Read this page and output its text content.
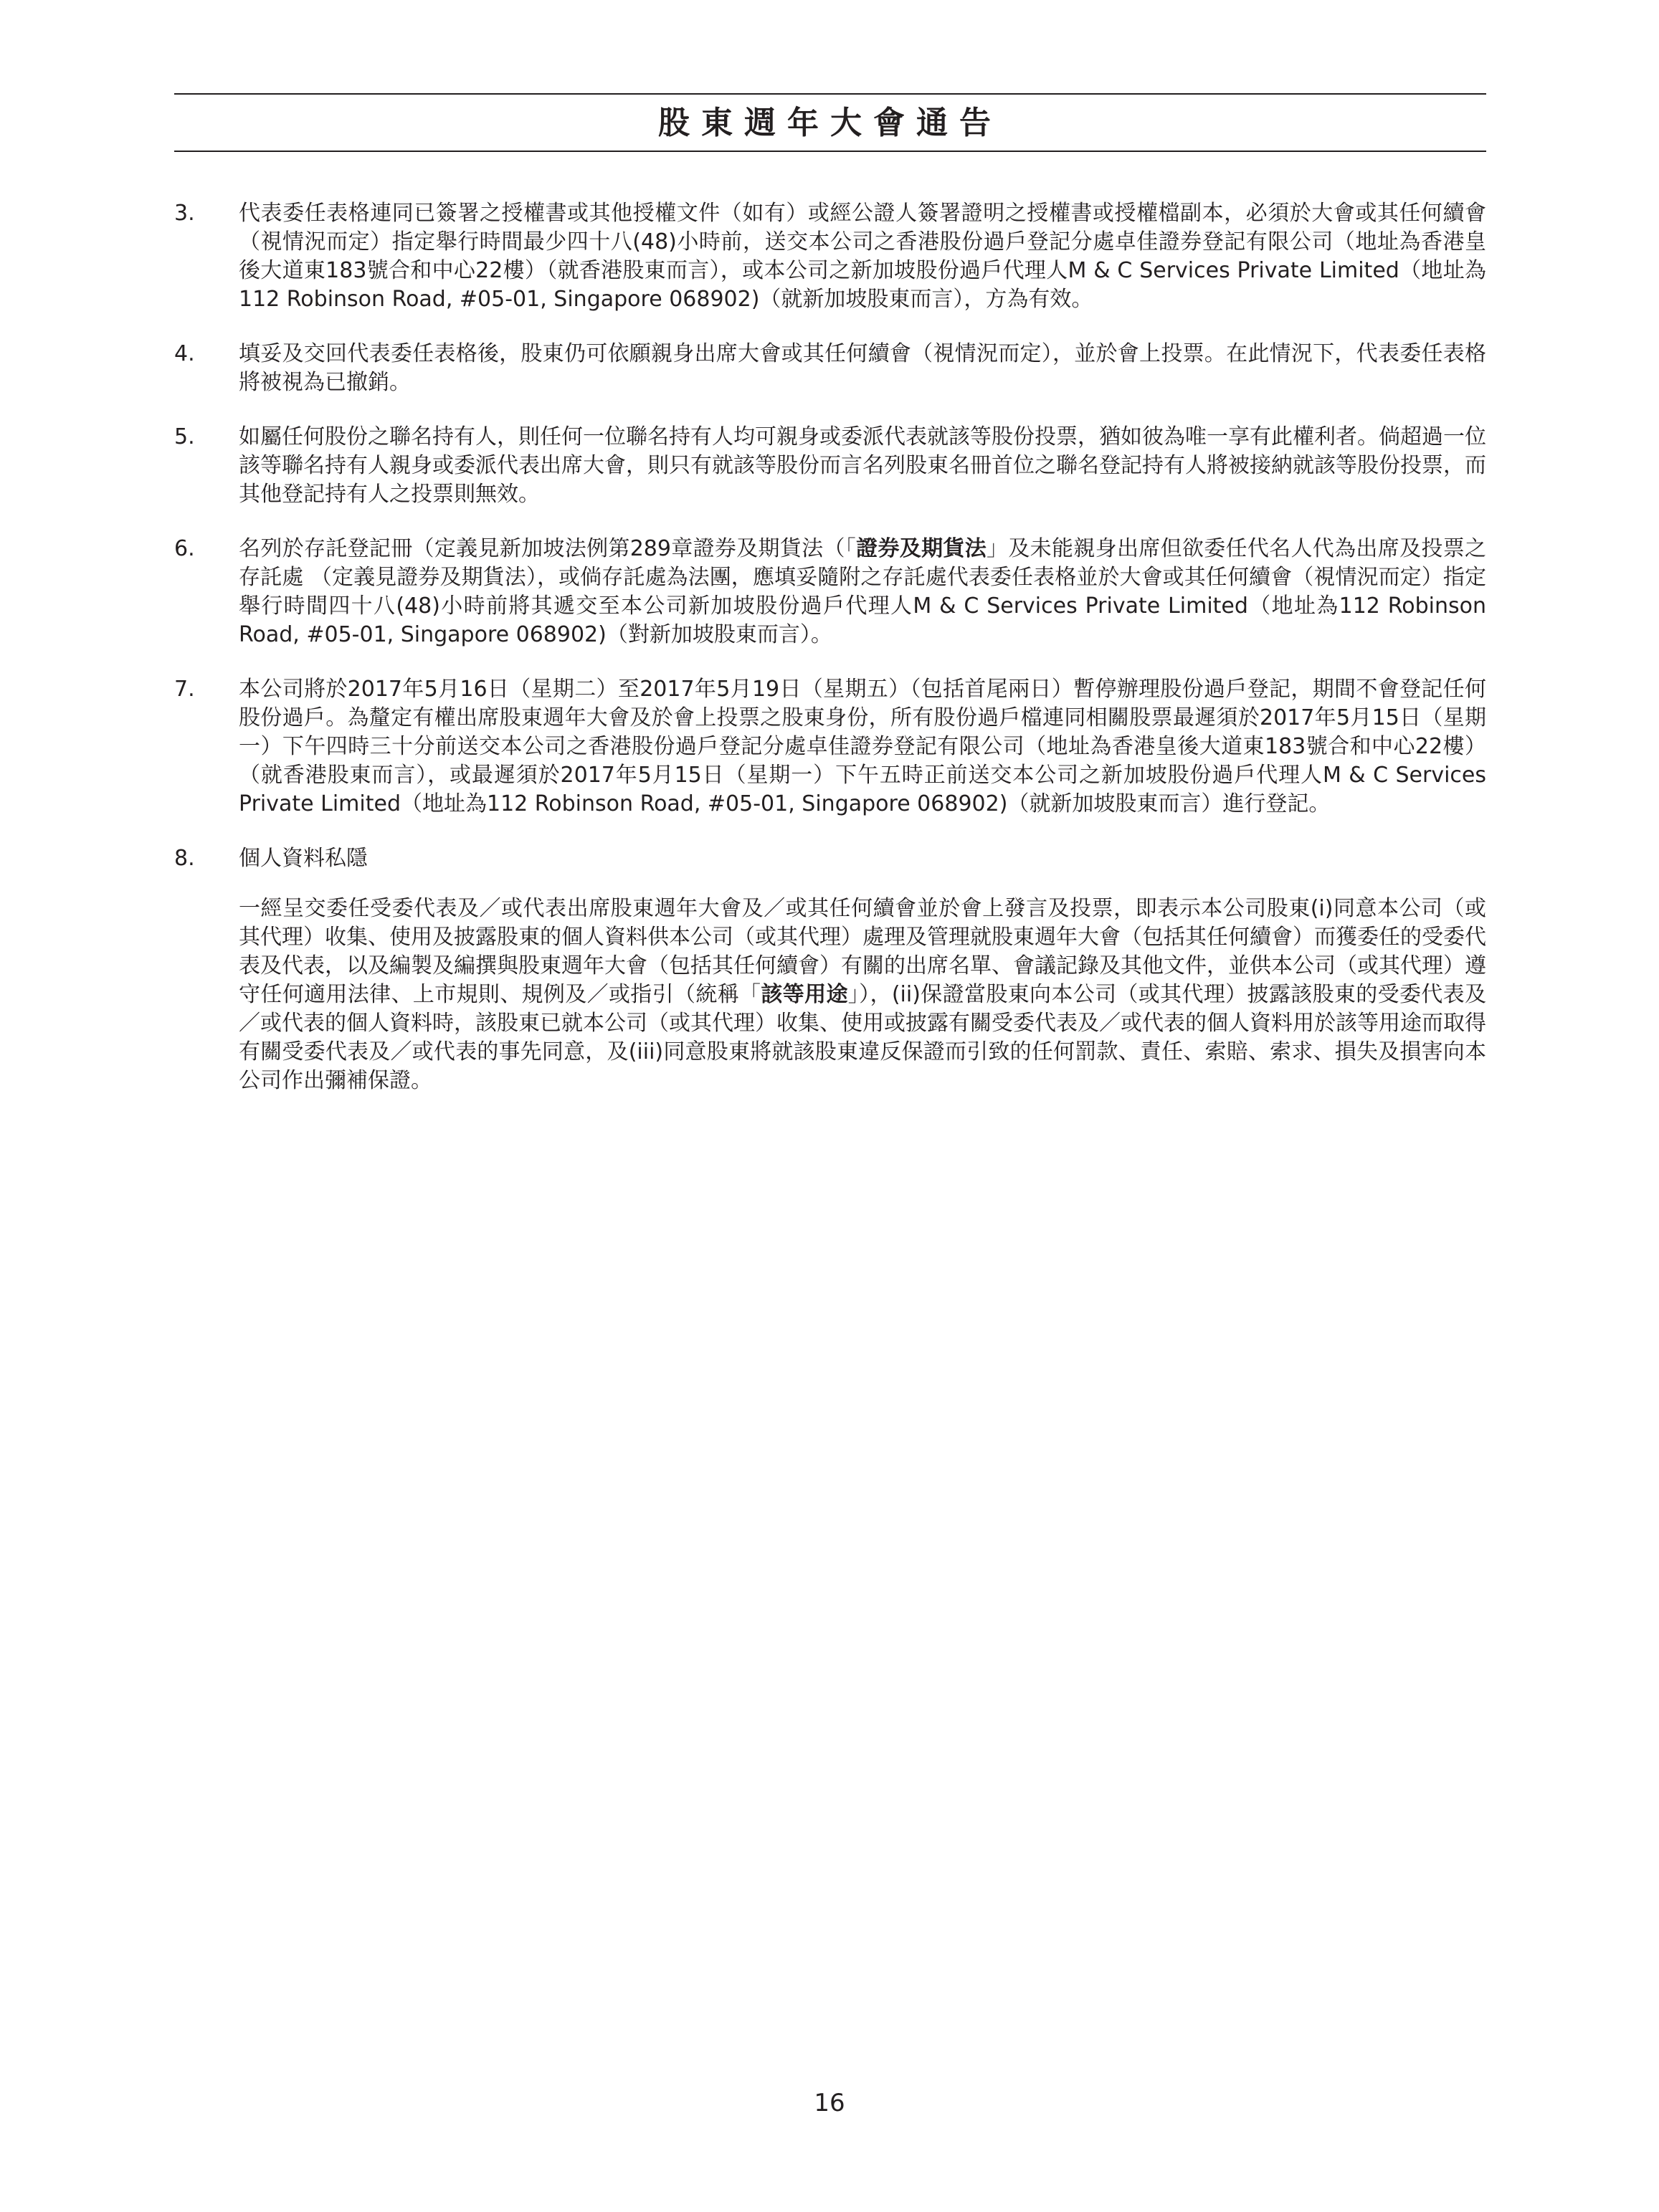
股東週年大會通告
3.	代表委任表格連同已簽署之授權書或其他授權文件（如有）或經公證人簽署證明之授權書或授權檔副本，必須於大會或其任何續會（視情況而定）指定舉行時間最少四十八(48)小時前，送交本公司之香港股份過戶登記分處卓佳證券登記有限公司（地址為香港皇後大道東183號合和中心22樓）（就香港股東而言），或本公司之新加坡股份過戶代理人M & C Services Private Limited（地址為112 Robinson Road, #05-01, Singapore 068902)（就新加坡股東而言），方為有效。

4.	填妥及交回代表委任表格後，股東仍可依願親身出席大會或其任何續會（視情況而定），並於會上投票。在此情況下，代表委任表格將被視為已撤銷。

5.	如屬任何股份之聯名持有人，則任何一位聯名持有人均可親身或委派代表就該等股份投票，猶如彼為唯一享有此權利者。倘超過一位該等聯名持有人親身或委派代表出席大會，則只有就該等股份而言名列股東名冊首位之聯名登記持有人將被接納就該等股份投票，而其他登記持有人之投票則無效。

6.	名列於存託登記冊（定義見新加坡法例第289章證券及期貨法（「證券及期貨法」及未能親身出席但欲委任代名人代為出席及投票之存託處 （定義見證券及期貨法），或倘存託處為法團，應填妥隨附之存託處代表委任表格並於大會或其任何續會（視情況而定）指定舉行時間四十八(48)小時前將其遞交至本公司新加坡股份過戶代理人M & C Services Private Limited（地址為112 Robinson Road, #05-01, Singapore 068902)（對新加坡股東而言）。

7.	本公司將於2017年5月16日（星期二）至2017年5月19日（星期五）（包括首尾兩日）暫停辦理股份過戶登記，期間不會登記任何股份過戶。為釐定有權出席股東週年大會及於會上投票之股東身份，所有股份過戶檔連同相關股票最遲須於2017年5月15日（星期一）下午四時三十分前送交本公司之香港股份過戶登記分處卓佳證券登記有限公司（地址為香港皇後大道東183號合和中心22樓）（就香港股東而言），或最遲須於2017年5月15日（星期一）下午五時正前送交本公司之新加坡股份過戶代理人M & C Services Private Limited（地址為112 Robinson Road, #05-01, Singapore 068902)（就新加坡股東而言）進行登記。

8.	個人資料私隱

一經呈交委任受委代表及／或代表出席股東週年大會及／或其任何續會並於會上發言及投票，即表示本公司股東(i)同意本公司（或其代理）收集、使用及披露股東的個人資料供本公司（或其代理）處理及管理就股東週年大會（包括其任何續會）而獲委任的受委代表及代表，以及編製及編撰與股東週年大會（包括其任何續會）有關的出席名單、會議記錄及其他文件，並供本公司（或其代理）遵守任何適用法律、上市規則、規例及／或指引（統稱「該等用途」），(ii)保證當股東向本公司（或其代理）披露該股東的受委代表及／或代表的個人資料時，該股東已就本公司（或其代理）收集、使用或披露有關受委代表及／或代表的個人資料用於該等用途而取得有關受委代表及／或代表的事先同意，及(iii)同意股東將就該股東違反保證而引致的任何罰款、責任、索賠、索求、損失及損害向本公司作出彌補保證。

16
